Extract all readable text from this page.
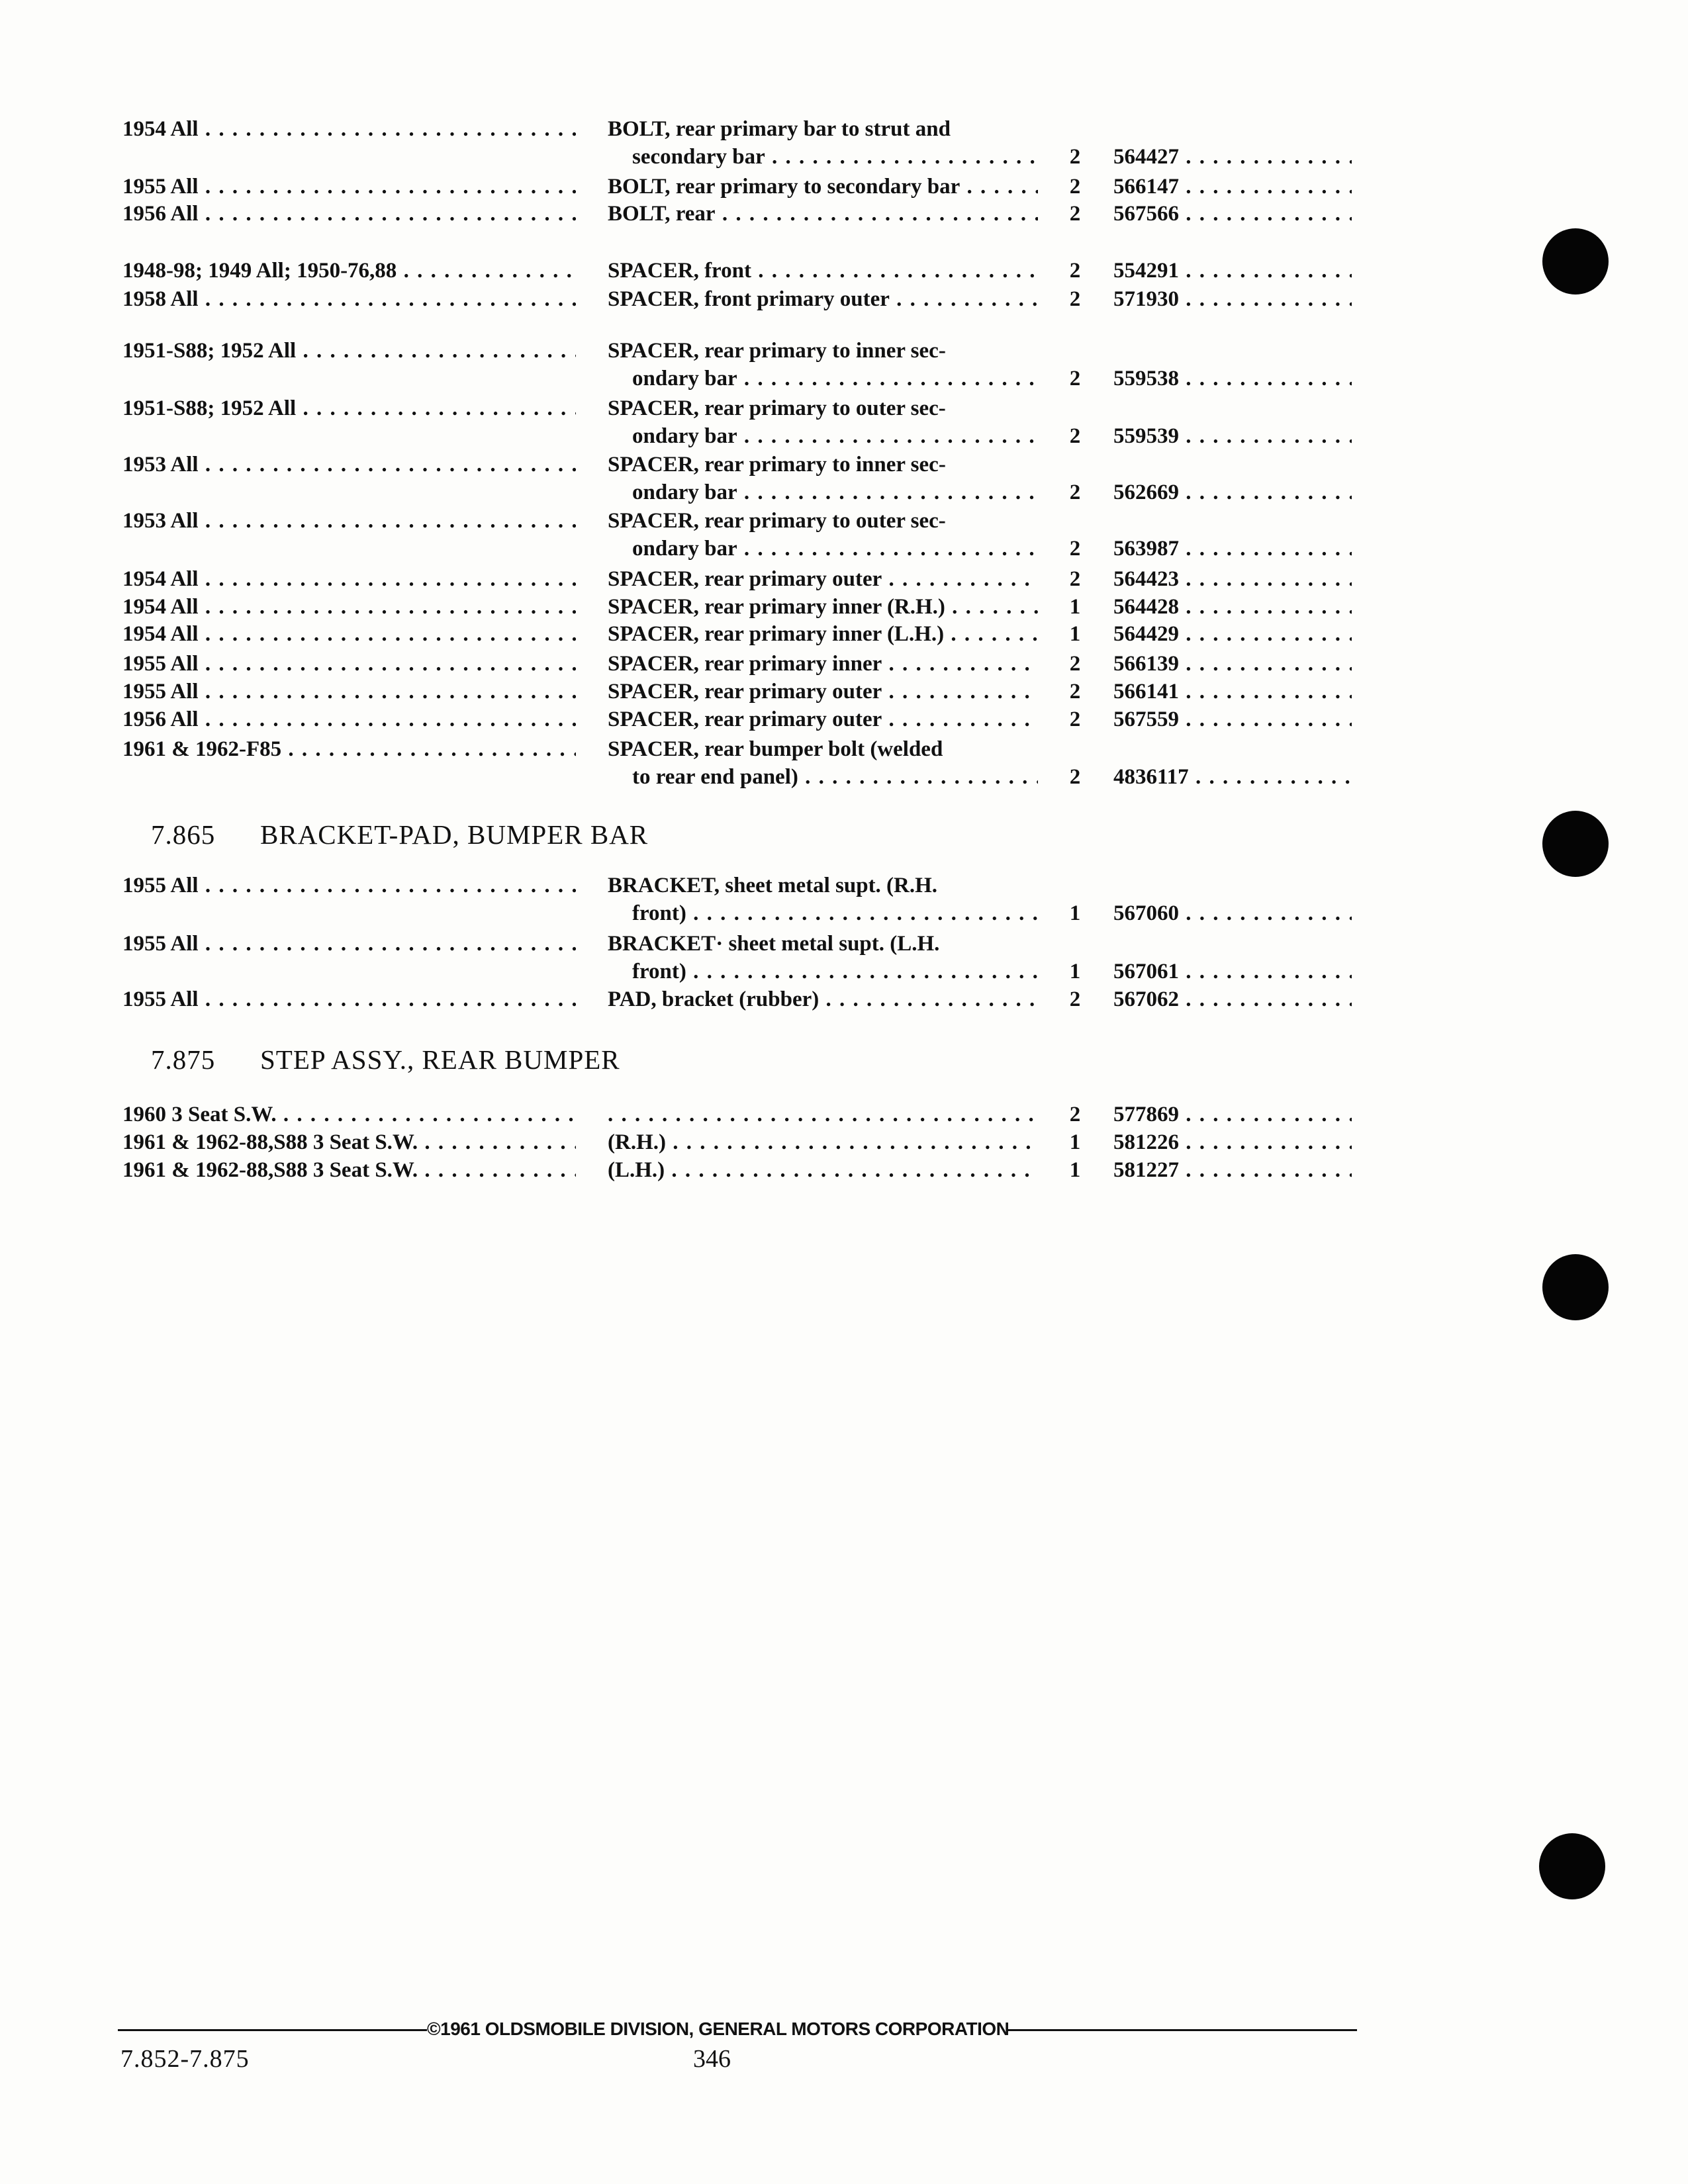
1954 All . . .	BOLT, rear primary bar to strut and
secondary bar . . .	2	564427 . . .
1955 All . . .	BOLT, rear primary to secondary bar . . .	2	566147 . . .
1956 All . . .	BOLT, rear . . .	2	567566 . . .
1948-98; 1949 All; 1950-76,88 . . .	SPACER, front . . .	2	554291 . . .
1958 All . . .	SPACER, front primary outer . . .	2	571930 . . .
1951-S88; 1952 All . . .	SPACER, rear primary to inner sec-
ondary bar . . .	2	559538 . . .
1951-S88; 1952 All . . .	SPACER, rear primary to outer sec-
ondary bar . . .	2	559539 . . .
1953 All . . .	SPACER, rear primary to inner sec-
ondary bar . . .	2	562669 . . .
1953 All . . .	SPACER, rear primary to outer sec-
ondary bar . . .	2	563987 . . .
1954 All . . .	SPACER, rear primary outer . . .	2	564423 . . .
1954 All . . .	SPACER, rear primary inner (R.H.) . . .	1	564428 . . .
1954 All . . .	SPACER, rear primary inner (L.H.) . . .	1	564429 . . .
1955 All . . .	SPACER, rear primary inner . . .	2	566139 . . .
1955 All . . .	SPACER, rear primary outer . . .	2	566141 . . .
1956 All . . .	SPACER, rear primary outer . . .	2	567559 . . .
1961 & 1962-F85 . . .	SPACER, rear bumper bolt (welded
to rear end panel) . . .	2	4836117 . . .
7.865 BRACKET-PAD, BUMPER BAR
1955 All . . .	BRACKET, sheet metal supt. (R.H.
front) . . .	1	567060 . . .
1955 All . . .	BRACKET· sheet metal supt. (L.H.
front) . . .	1	567061 . . .
1955 All . . .	PAD, bracket (rubber) . . .	2	567062 . . .
7.875 STEP ASSY., REAR BUMPER
1960 3 Seat S.W. . . .
. . .	2	577869 . . .
1961 & 1962-88,S88 3 Seat S.W. . . .	(R.H.) . . .	1	581226 . . .
1961 & 1962-88,S88 3 Seat S.W. . . .	(L.H.) . . .	1	581227 . . .
©1961 OLDSMOBILE DIVISION, GENERAL MOTORS CORPORATION
7.852-7.875	346
